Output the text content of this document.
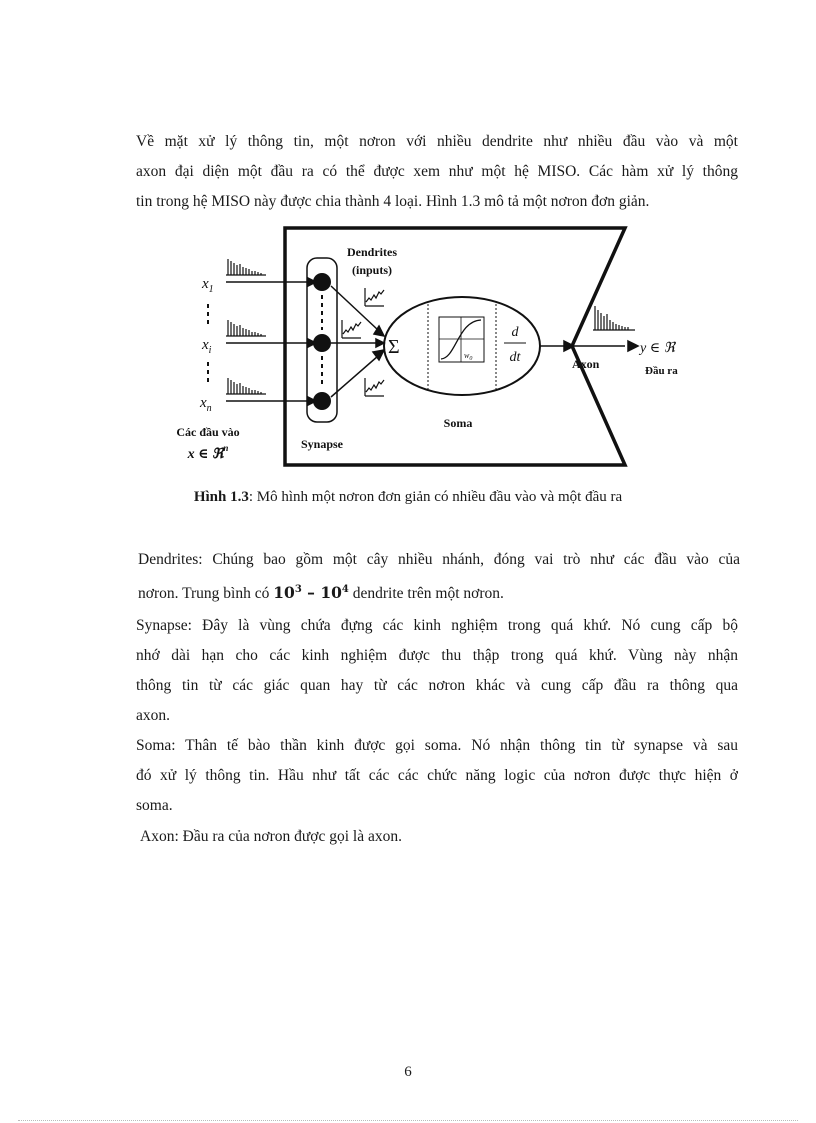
Về mặt xử lý thông tin, một nơron với nhiều dendrite như nhiều đầu vào và một
axon đại diện một đầu ra có thể được xem như một hệ MISO. Các hàm xử lý thông
tin trong hệ MISO này được chia thành 4 loại. Hình 1.3 mô tả một nơron đơn giản.
Dendrites
(inputs)
$x_1$
$x_i$
$x_n$
Σ	$w_0$
d
dt
Soma
Synapse
Axon
y ∈ ℜ
Đầu ra
Các đầu vào
x ∈ ℜ$^n$
Hình 1.3: Mô hình một nơron đơn giản có nhiều đầu vào và một đầu ra
Dendrites: Chúng bao gồm một cây nhiều nhánh, đóng vai trò như các đầu vào của
nơron. Trung bình có $10^3 - 10^4$ dendrite trên một nơron.
Synapse: Đây là vùng chứa đựng các kinh nghiệm trong quá khứ. Nó cung cấp bộ
nhớ dài hạn cho các kinh nghiệm được thu thập trong quá khứ. Vùng này nhận
thông tin từ các giác quan hay từ các nơron khác và cung cấp đầu ra thông qua
axon.
Soma: Thân tế bào thần kinh được gọi soma. Nó nhận thông tin từ synapse và sau
đó xử lý thông tin. Hầu như tất các các chức năng logic của nơron được thực hiện ở
soma.
Axon: Đầu ra của nơron được gọi là axon.
6
